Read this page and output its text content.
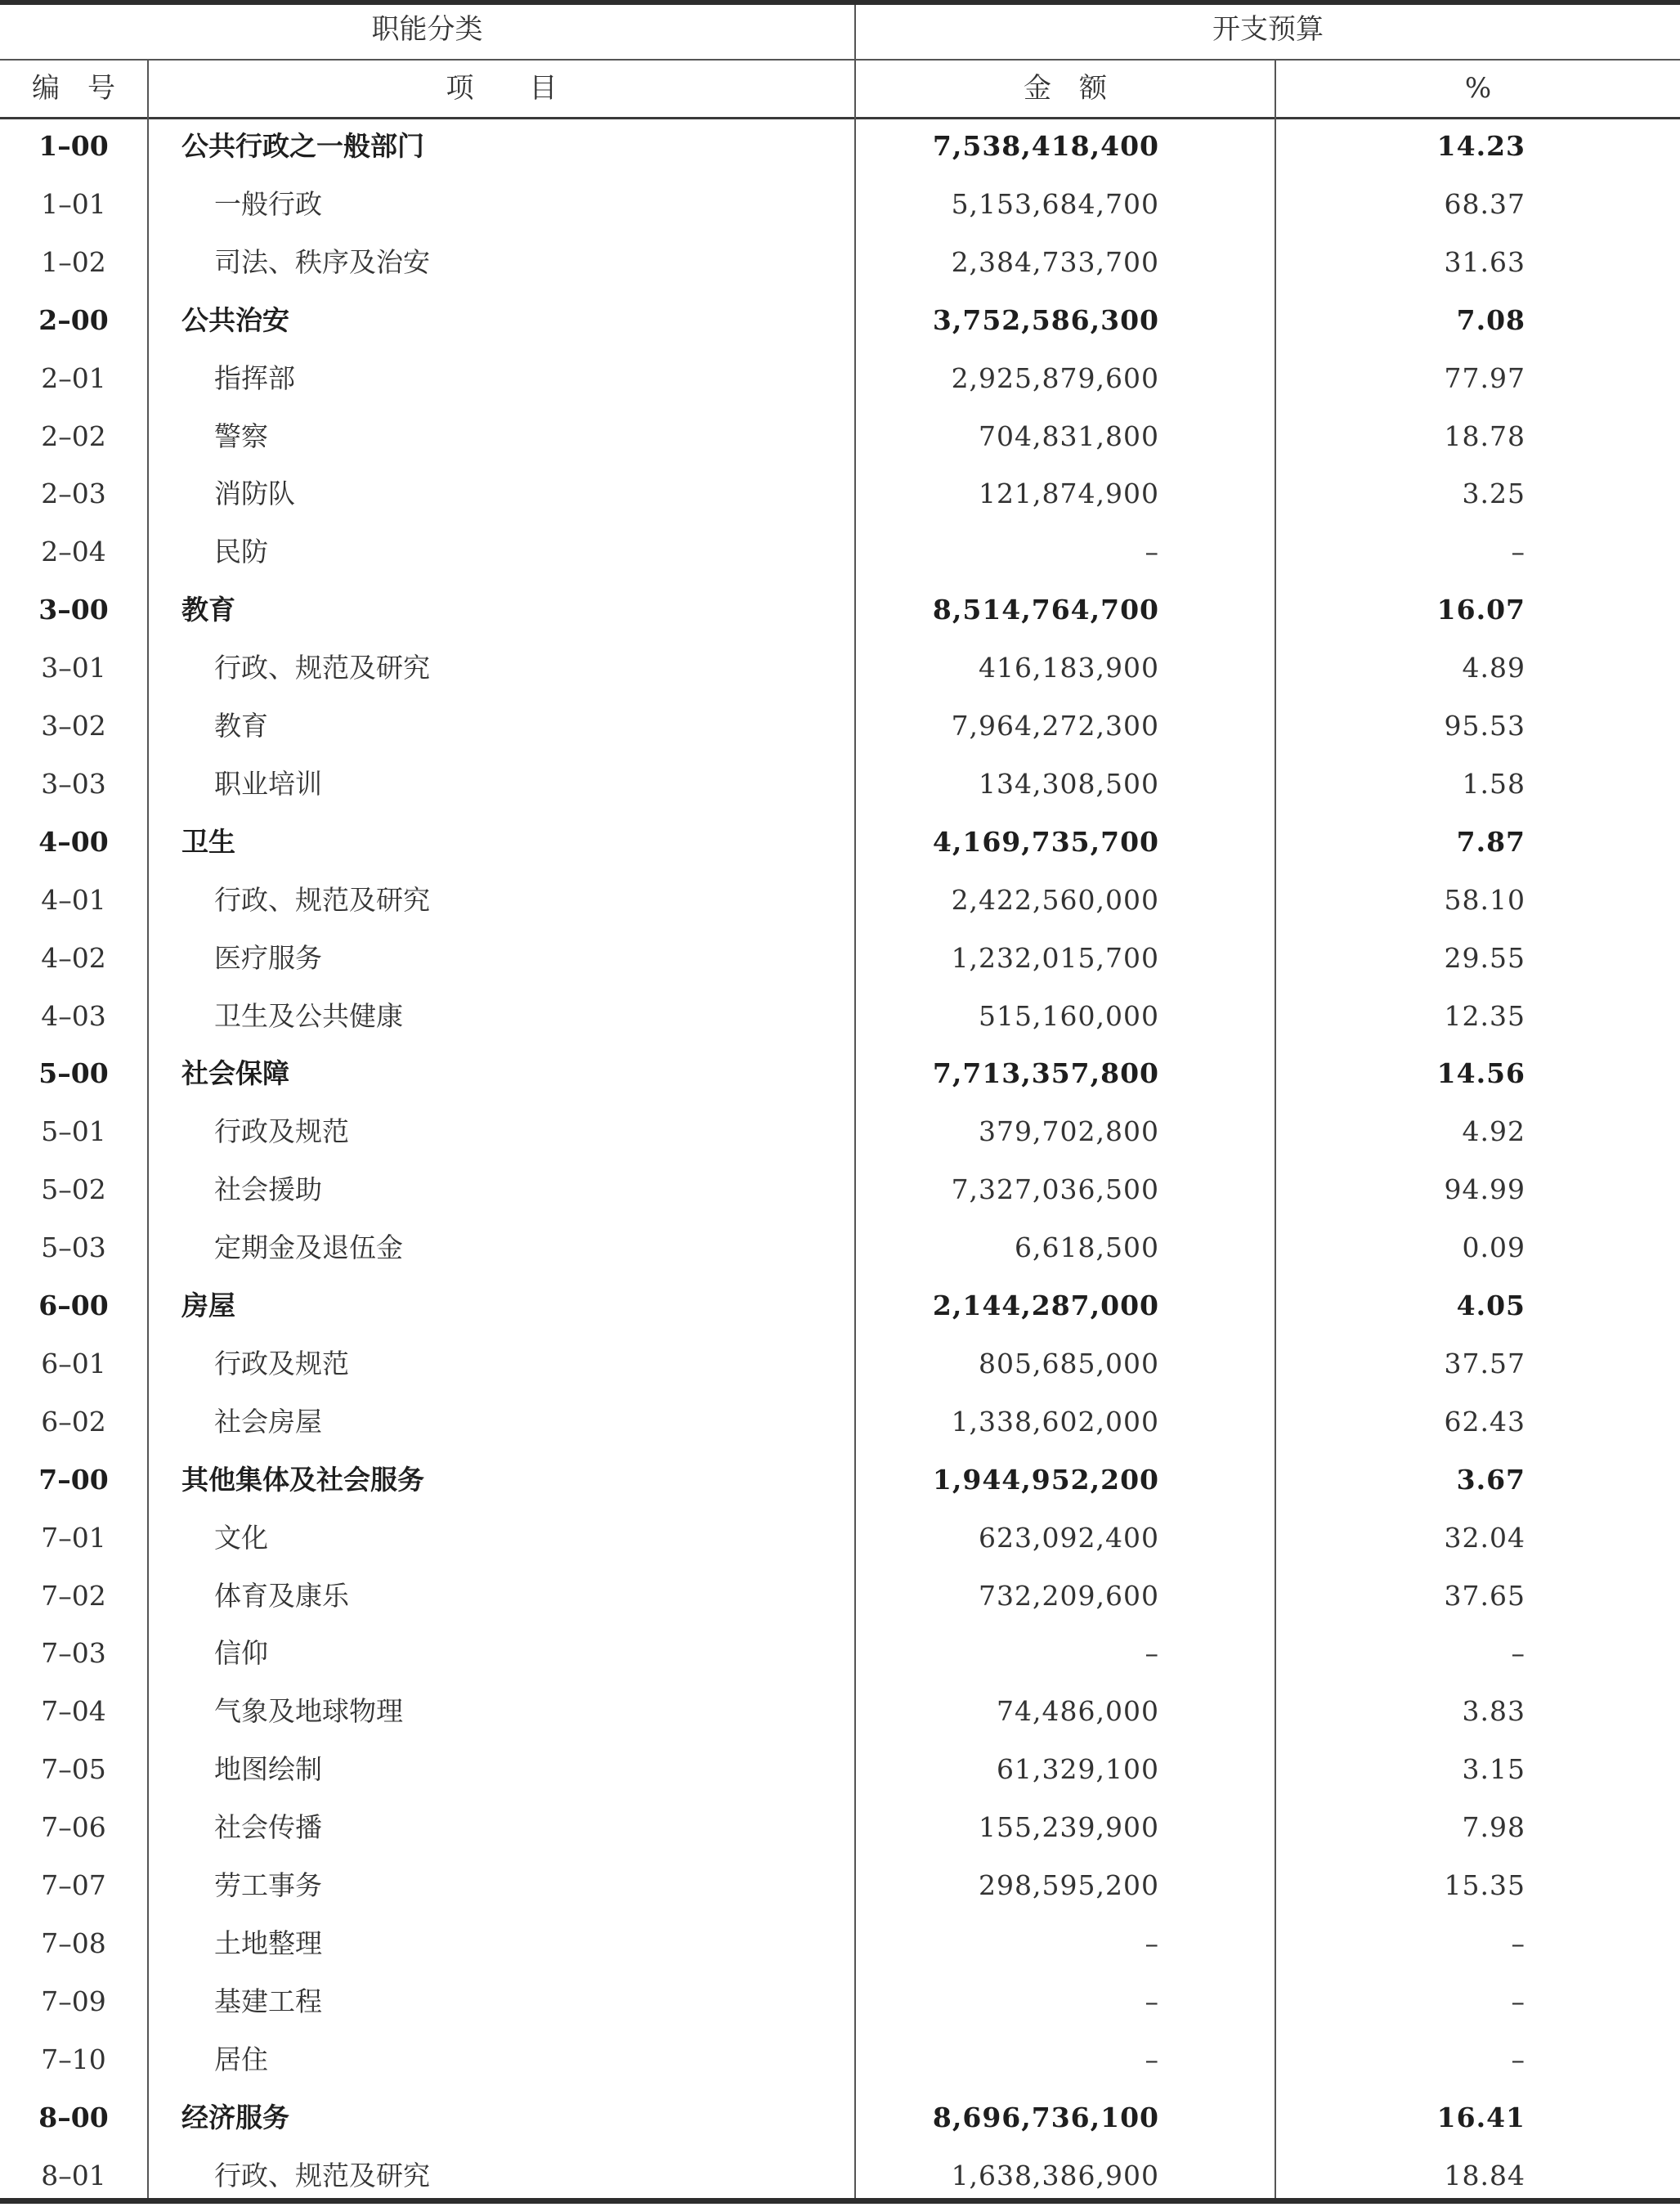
职能分类	开支预算
编　号	项　　目	金　额	%
1–00	公共行政之一般部门	7,538,418,400	14.23
1–01	一般行政	5,153,684,700	68.37
1–02	司法、秩序及治安	2,384,733,700	31.63
2–00	公共治安	3,752,586,300	7.08
2–01	指挥部	2,925,879,600	77.97
2–02	警察	704,831,800	18.78
2–03	消防队	121,874,900	3.25
2–04	民防	–	–
3–00	教育	8,514,764,700	16.07
3–01	行政、规范及研究	416,183,900	4.89
3–02	教育	7,964,272,300	95.53
3–03	职业培训	134,308,500	1.58
4–00	卫生	4,169,735,700	7.87
4–01	行政、规范及研究	2,422,560,000	58.10
4–02	医疗服务	1,232,015,700	29.55
4–03	卫生及公共健康	515,160,000	12.35
5–00	社会保障	7,713,357,800	14.56
5–01	行政及规范	379,702,800	4.92
5–02	社会援助	7,327,036,500	94.99
5–03	定期金及退伍金	6,618,500	0.09
6–00	房屋	2,144,287,000	4.05
6–01	行政及规范	805,685,000	37.57
6–02	社会房屋	1,338,602,000	62.43
7–00	其他集体及社会服务	1,944,952,200	3.67
7–01	文化	623,092,400	32.04
7–02	体育及康乐	732,209,600	37.65
7–03	信仰	–	–
7–04	气象及地球物理	74,486,000	3.83
7–05	地图绘制	61,329,100	3.15
7–06	社会传播	155,239,900	7.98
7–07	劳工事务	298,595,200	15.35
7–08	土地整理	–	–
7–09	基建工程	–	–
7–10	居住	–	–
8–00	经济服务	8,696,736,100	16.41
8–01	行政、规范及研究	1,638,386,900	18.84
